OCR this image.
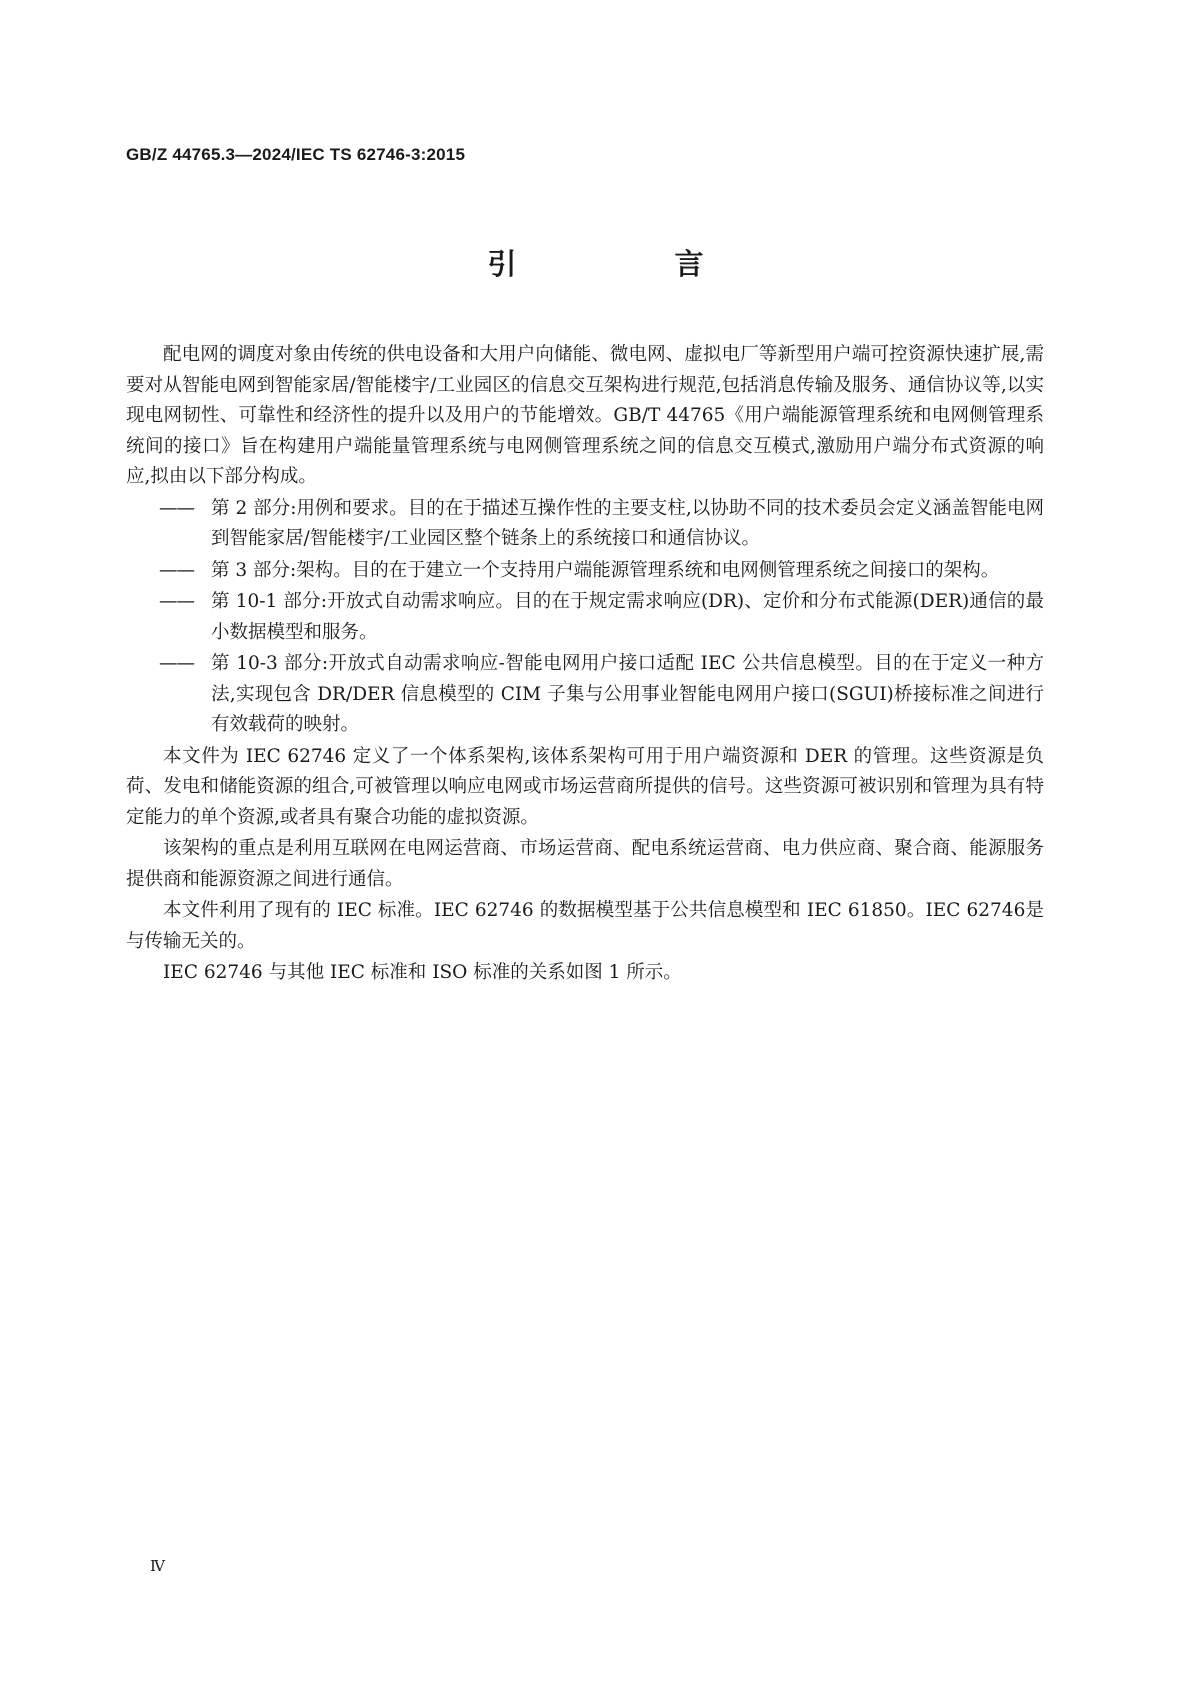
GB/Z 44765.3—2024/IEC TS 62746-3:2015
引 言

配电网的调度对象由传统的供电设备和大用户向储能、微电网、虚拟电厂等新型用户端可控资源快速扩展,需要对从智能电网到智能家居/智能楼宇/工业园区的信息交互架构进行规范,包括消息传输及服务、通信协议等,以实现电网韧性、可靠性和经济性的提升以及用户的节能增效。GB/T 44765《用户端能源管理系统和电网侧管理系统间的接口》旨在构建用户端能量管理系统与电网侧管理系统之间的信息交互模式,激励用户端分布式资源的响应,拟由以下部分构成。

—— 第 2 部分:用例和要求。目的在于描述互操作性的主要支柱,以协助不同的技术委员会定义涵盖智能电网到智能家居/智能楼宇/工业园区整个链条上的系统接口和通信协议。

—— 第 3 部分:架构。目的在于建立一个支持用户端能源管理系统和电网侧管理系统之间接口的架构。

—— 第 10-1 部分:开放式自动需求响应。目的在于规定需求响应(DR)、定价和分布式能源(DER)通信的最小数据模型和服务。

—— 第 10-3 部分:开放式自动需求响应-智能电网用户接口适配 IEC 公共信息模型。目的在于定义一种方法,实现包含 DR/DER 信息模型的 CIM 子集与公用事业智能电网用户接口(SGUI)桥接标准之间进行有效载荷的映射。

本文件为 IEC 62746 定义了一个体系架构,该体系架构可用于用户端资源和 DER 的管理。这些资源是负荷、发电和储能资源的组合,可被管理以响应电网或市场运营商所提供的信号。这些资源可被识别和管理为具有特定能力的单个资源,或者具有聚合功能的虚拟资源。

该架构的重点是利用互联网在电网运营商、市场运营商、配电系统运营商、电力供应商、聚合商、能源服务提供商和能源资源之间进行通信。

本文件利用了现有的 IEC 标准。IEC 62746 的数据模型基于公共信息模型和 IEC 61850。IEC 62746是与传输无关的。

IEC 62746 与其他 IEC 标准和 ISO 标准的关系如图 1 所示。

Ⅳ
